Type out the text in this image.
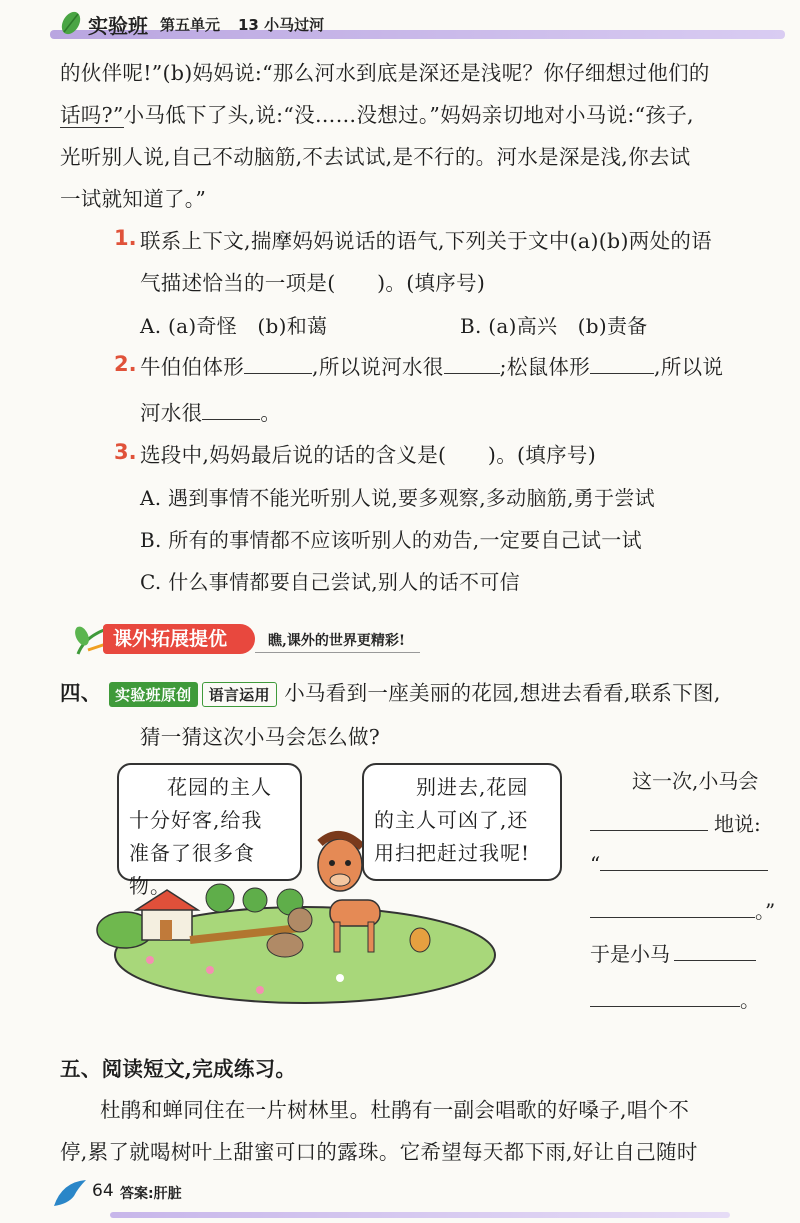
实验班 第五单元 13 小马过河
的伙伴呢!”(b)妈妈说:“那么河水到底是深还是浅呢？你仔细想过他们的
话吗?”小马低下了头,说:“没……没想过。”妈妈亲切地对小马说:“孩子,
光听别人说,自己不动脑筋,不去试试,是不行的。河水是深是浅,你去试
一试就知道了。”
1. 联系上下文,揣摩妈妈说话的语气,下列关于文中(a)(b)两处的语
气描述恰当的一项是(　　)。(填序号)
A. (a)奇怪　(b)和蔼	B. (a)高兴　(b)责备
2. 牛伯伯体形	,所以说河水很	;松鼠体形	,所以说
河水很	。
3. 选段中,妈妈最后说的话的含义是(　　)。(填序号)
A. 遇到事情不能光听别人说,要多观察,多动脑筋,勇于尝试
B. 所有的事情都不应该听别人的劝告,一定要自己试一试
C. 什么事情都要自己尝试,别人的话不可信
课外拓展提优	瞧,课外的世界更精彩!
四、 实验班原创 语言运用 小马看到一座美丽的花园,想进去看看,联系下图,
猜一猜这次小马会怎么做?
花园的主人
十分好客,给我
准备了很多食物。
别进去,花园
的主人可凶了,还
用扫把赶过我呢!
这一次,小马会
地说:
“
。”
于是小马
。
五、阅读短文,完成练习。
杜鹃和蝉同住在一片树林里。杜鹃有一副会唱歌的好嗓子,唱个不
停,累了就喝树叶上甜蜜可口的露珠。它希望每天都下雨,好让自己随时
64 答案:肝脏
